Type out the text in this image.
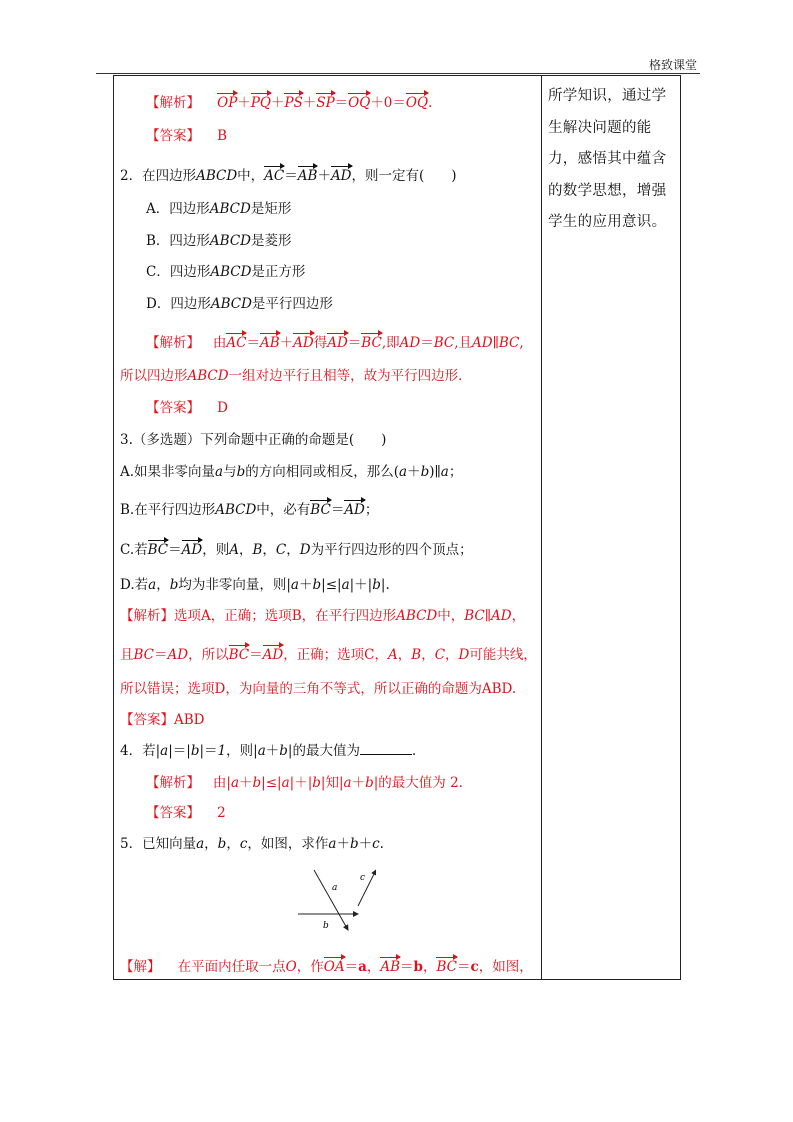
格致课堂
所学知识，通过学生解决问题的能力，感悟其中蕴含的数学思想，增强学生的应用意识。
【解析】 OP＋PQ＋PS＋SP＝OQ＋0＝OQ.
【答案】 B
2．在四边形ABCD中，AC＝AB＋AD，则一定有(　　)
A．四边形ABCD是矩形
B．四边形ABCD是菱形
C．四边形ABCD是正方形
D．四边形ABCD是平行四边形
【解析】   由AC＝AB＋AD得AD＝BC,即AD＝BC,且AD∥BC,
所以四边形ABCD一组对边平行且相等，故为平行四边形．
【答案】 D
3.（多选题）下列命题中正确的命题是(　　)
A.如果非零向量a与b的方向相同或相反，那么(a＋b)∥a；
B.在平行四边形ABCD中，必有BC＝AD；
C.若BC＝AD，则A，B，C，D为平行四边形的四个顶点；
D.若a，b均为非零向量，则|a＋b|≤|a|＋|b|.
【解析】选项A，正确；选项B，在平行四边形ABCD中，BC∥AD，
且BC＝AD，所以BC＝AD，正确；选项C，A，B，C，D可能共线，
所以错误；选项D，为向量的三角不等式，所以正确的命题为ABD.
【答案】ABD
4．若|a|＝|b|＝1，则|a＋b|的最大值为	．
【解析】   由|a＋b|≤|a|＋|b|知|a＋b|的最大值为 2.
【答案】 2
5．已知向量a，b，c，如图，求作a＋b＋c.
a
b
c
【解】    在平面内任取一点O，作OA＝a，AB＝b，BC＝c，如图，
